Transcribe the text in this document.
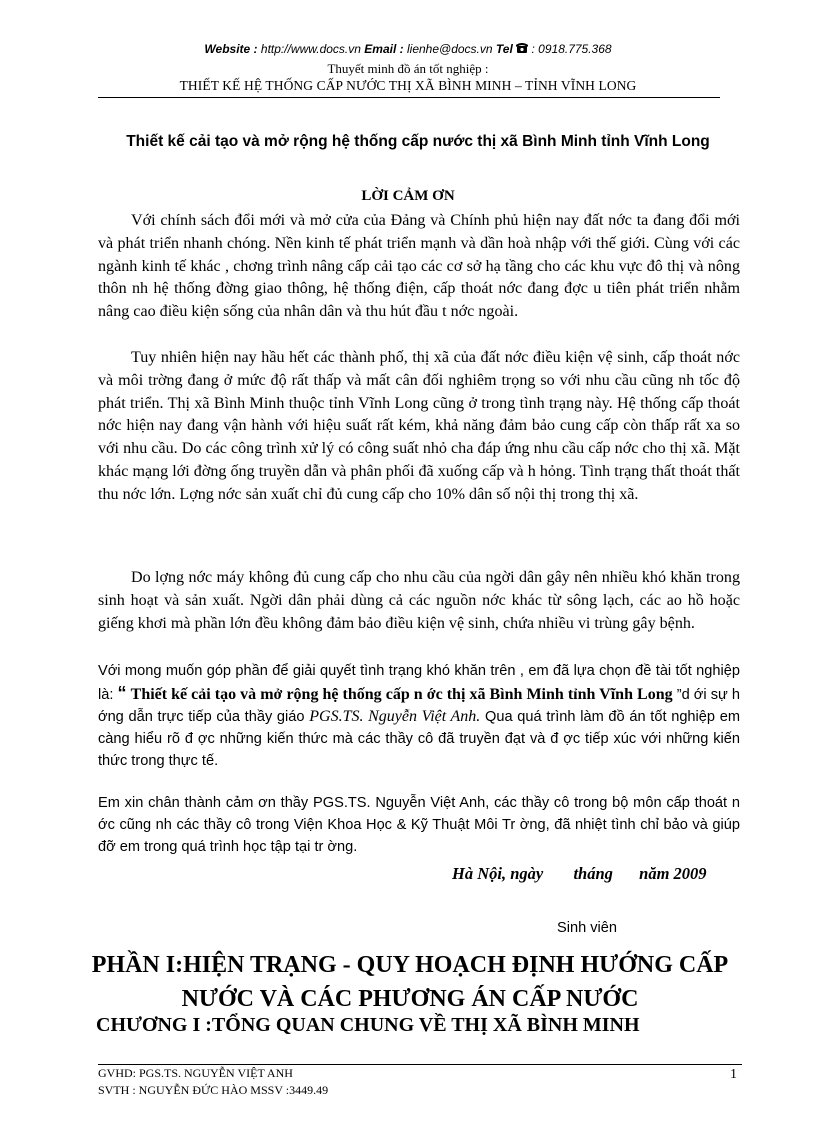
Website : http://www.docs.vn Email : lienhe@docs.vn Tel : 0918.775.368
Thuyết minh đồ án tốt nghiệp :
THIẾT KẾ HỆ THỐNG CẤP NƯỚC THỊ XÃ BÌNH MINH – TỈNH VĨNH LONG
Thiết kế cải tạo và mở rộng hệ thống cấp nước thị xã Bình Minh tỉnh Vĩnh Long
LỜI CẢM ƠN

Với chính sách đổi mới và mở cửa của Đảng và Chính phủ hiện nay đất nớc ta đang đổi mới và phát triển nhanh chóng. Nền kinh tế phát triển mạnh và dần hoà nhập với thế giới. Cùng với các ngành kinh tế khác , chơng trình nâng cấp cải tạo các cơ sở hạ tầng cho các khu vực đô thị và nông thôn nh hệ thống đờng giao thông, hệ thống điện, cấp thoát nớc đang đợc u tiên phát triển nhằm nâng cao điều kiện sống của nhân dân và thu hút đầu t nớc ngoài.

Tuy nhiên hiện nay hầu hết các thành phố, thị xã của đất nớc điều kiện vệ sinh, cấp thoát nớc và môi trờng đang ở mức độ rất thấp và mất cân đối nghiêm trọng so với nhu cầu cũng nh tốc độ phát triển. Thị xã Bình Minh thuộc tỉnh Vĩnh Long cũng ở trong tình trạng này. Hệ thống cấp thoát nớc hiện nay đang vận hành với hiệu suất rất kém, khả năng đảm bảo cung cấp còn thấp rất xa so với nhu cầu. Do các công trình xử lý có công suất nhỏ cha đáp ứng nhu cầu cấp nớc cho thị xã. Mặt khác mạng lới đờng ống truyền dẫn và phân phối đã xuống cấp và h hỏng. Tình trạng thất thoát thất thu nớc lớn. Lợng nớc sản xuất chỉ đủ cung cấp cho 10% dân số nội thị trong thị xã.

Do lợng nớc máy không đủ cung cấp cho nhu cầu của ngời dân gây nên nhiều khó khăn trong sinh hoạt và sản xuất. Ngời dân phải dùng cả các nguồn nớc khác từ sông lạch, các ao hồ hoặc giếng khơi mà phần lớn đều không đảm bảo điều kiện vệ sinh, chứa nhiều vi trùng gây bệnh.

Với mong muốn góp phần để giải quyết tình trạng khó khăn trên , em đã lựa chọn đề tài tốt nghiệp là: “ Thiết kế cải tạo và mở rộng hệ thống cấp n ớc thị xã Bình Minh tỉnh Vĩnh Long ”d ới sự h ớng dẫn trực tiếp của thầy giáo PGS.TS. Nguyễn Việt Anh. Qua quá trình làm đồ án tốt nghiệp em càng hiểu rõ đ ợc những kiến thức mà các thầy cô đã truyền đạt và đ ợc tiếp xúc với những kiến thức trong thực tế.

Em xin chân thành cảm ơn thầy PGS.TS. Nguyễn Việt Anh, các thầy cô trong bộ môn cấp thoát n ớc cũng nh các thầy cô trong Viện Khoa Học & Kỹ Thuật Môi Tr ờng, đã nhiệt tình chỉ bảo và giúp đỡ em trong quá trình học tập tại tr ờng.

Hà Nội, ngày tháng năm 2009
Sinh viên
PHẦN I:HIỆN TRẠNG - QUY HOẠCH ĐỊNH HƯỚNG CẤP NƯỚC VÀ CÁC PHƯƠNG ÁN CẤP NƯỚC
CHƯƠNG I :TỔNG QUAN CHUNG VỀ THỊ XÃ BÌNH MINH
GVHD: PGS.TS. NGUYỄN VIỆT ANH
SVTH : NGUYỄN ĐỨC HÀO MSSV :3449.49
1
